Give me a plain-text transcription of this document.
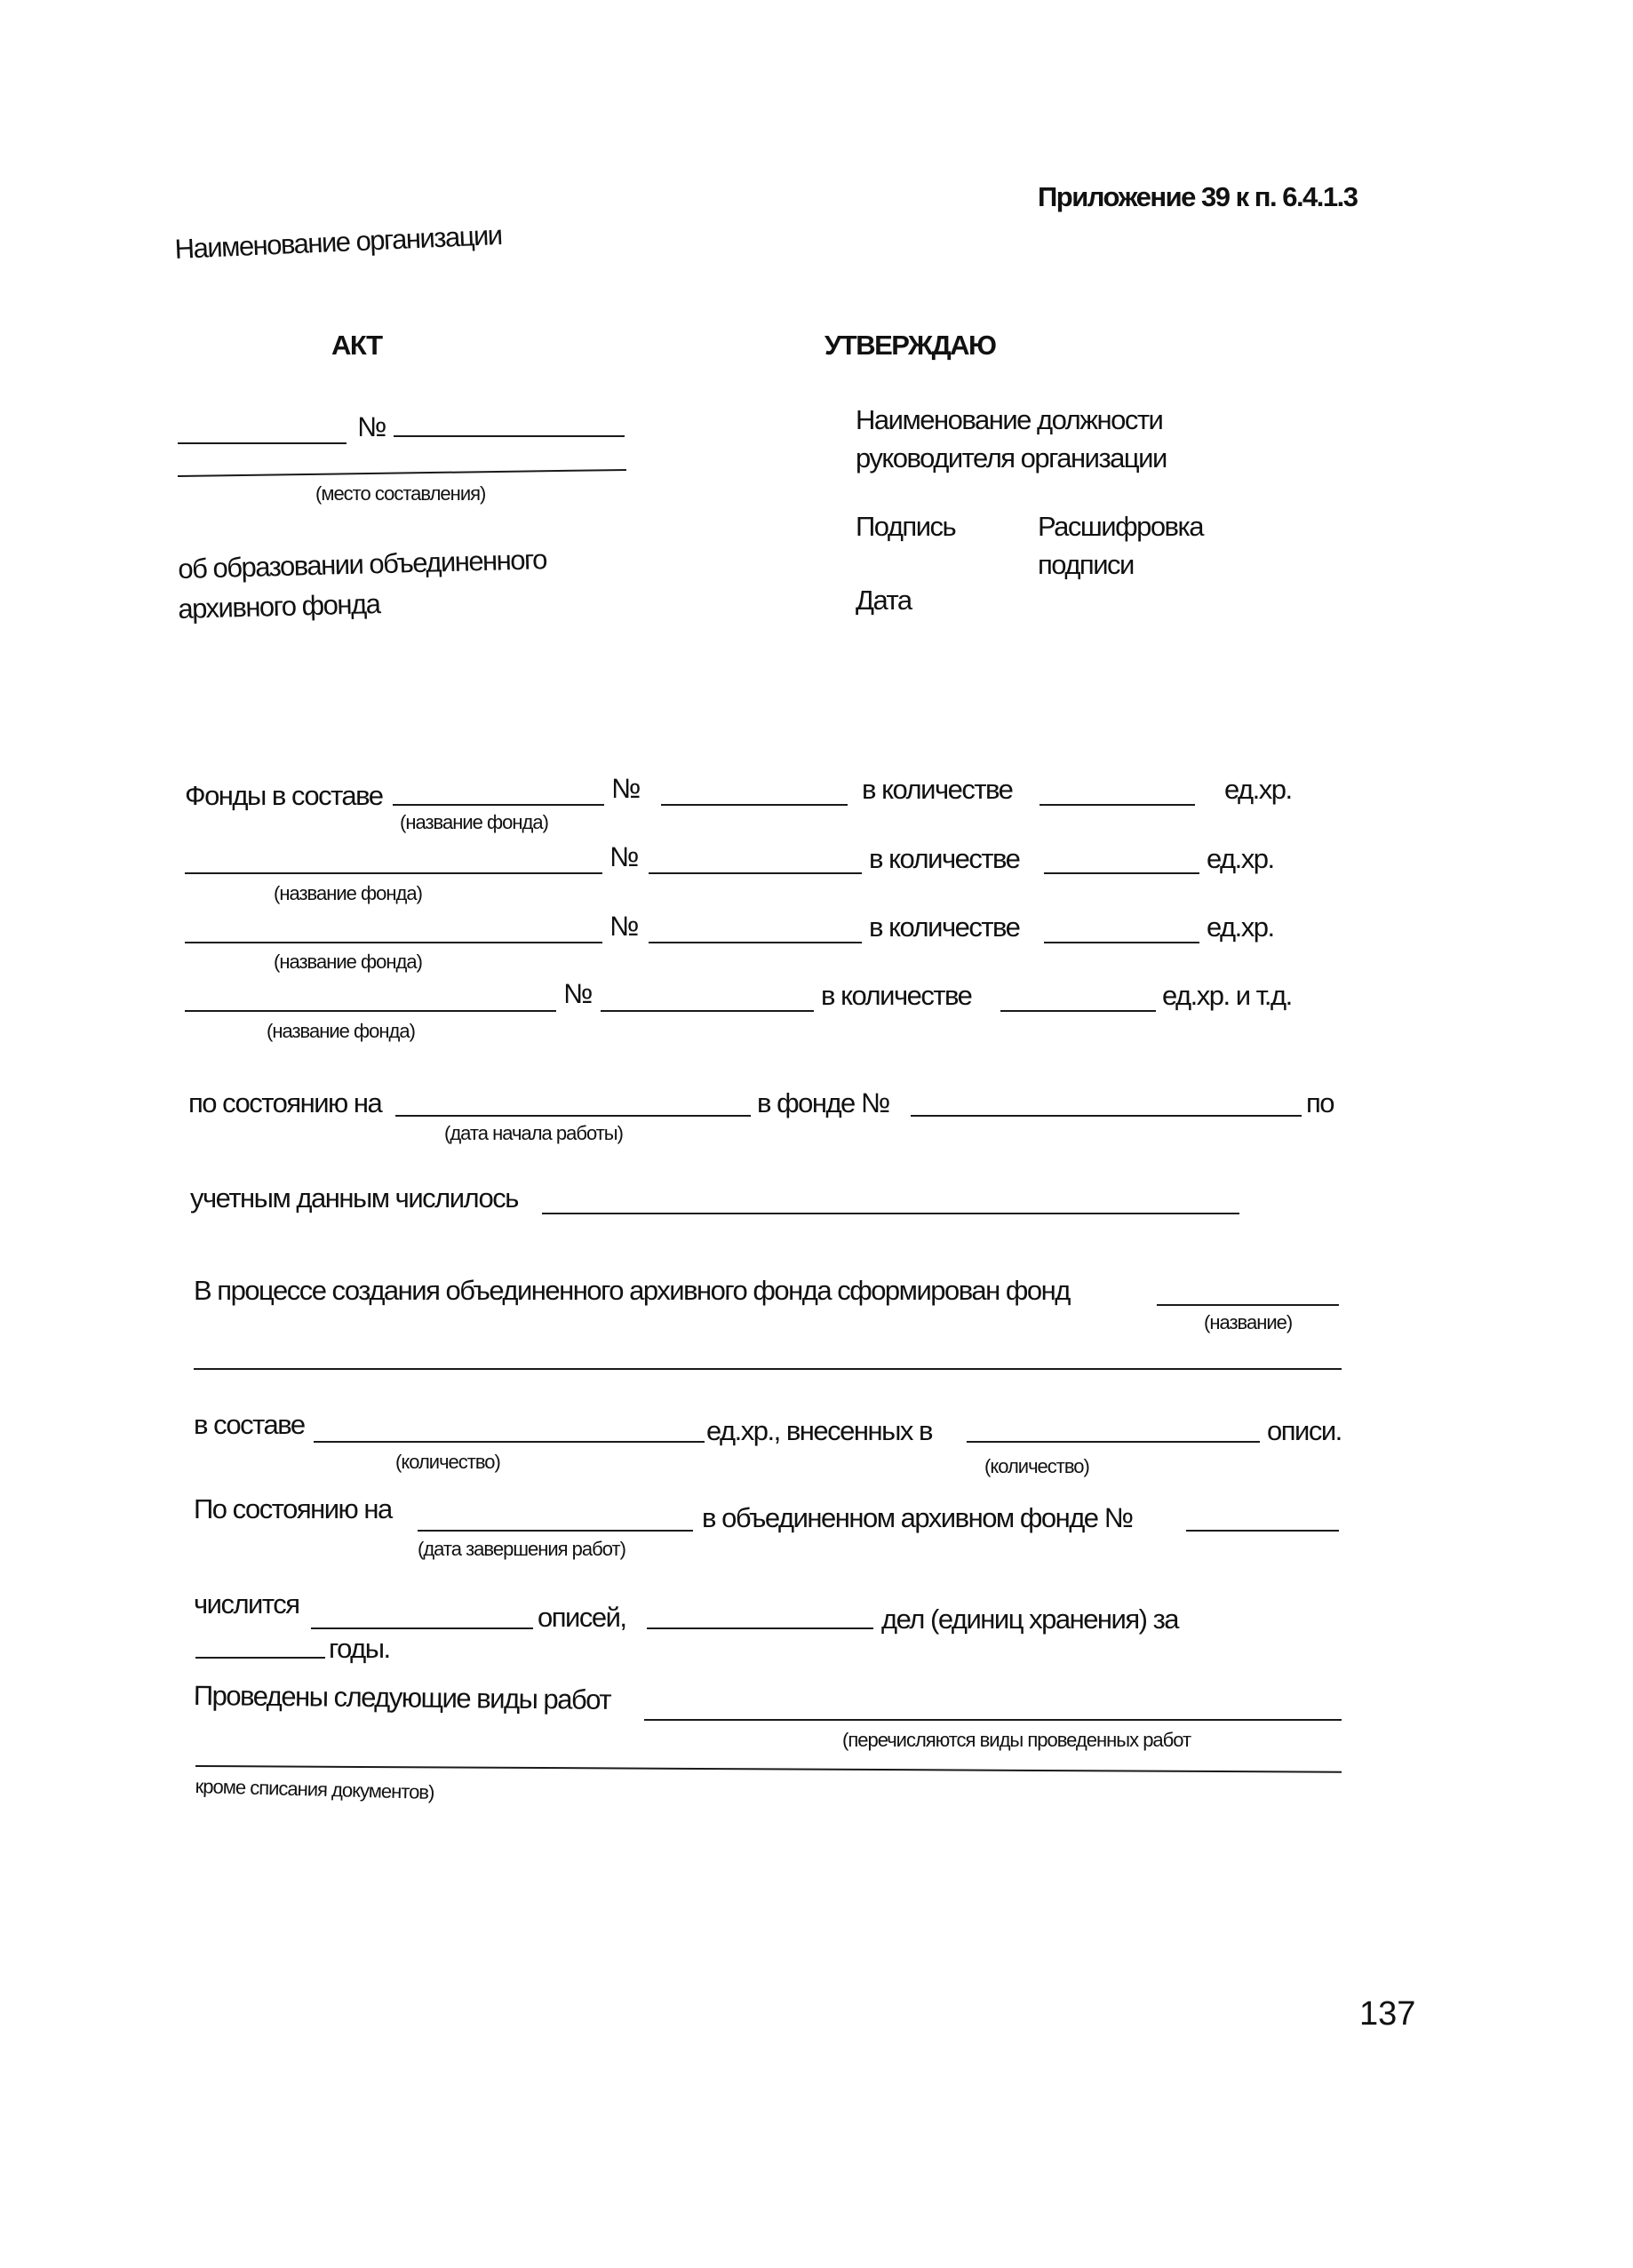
Приложение 39 к п. 6.4.1.3
Наименование организации
АКТ
№
(место составления)
об образовании объединенного
архивного фонда
УТВЕРЖДАЮ
Наименование должности
руководителя организации
Подпись	Расшифровка
подписи
Дата
Фонды в составе	№	в количестве	ед.хр.
(название фонда)
№	в количестве	ед.хр.
(название фонда)
№	в количестве	ед.хр.
(название фонда)
№	в количестве	ед.хр. и т.д.
(название фонда)
по состоянию на	в фонде №	по
(дата начала работы)
учетным данным числилось
В процессе создания объединенного архивного фонда сформирован фонд
(название)
в составе	ед.хр., внесенных в	описи.
(количество)	(количество)
По состоянию на	в объединенном архивном фонде №
(дата завершения работ)
числится	описей,	дел (единиц хранения) за
годы.
Проведены следующие виды работ
(перечисляются виды проведенных работ
кроме списания документов)
137
